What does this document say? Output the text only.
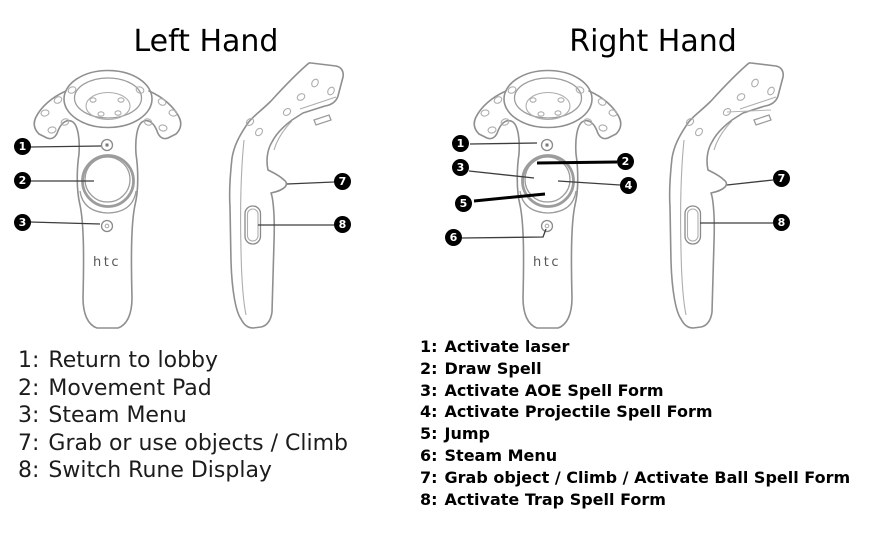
Left Hand	Right Hand
1
2
3
7
8
1
2
3
4
5
6
7
8
1: Return to lobby
2: Movement Pad
3: Steam Menu
7: Grab or use objects / Climb
8: Switch Rune Display
1: Activate laser
2: Draw Spell
3: Activate AOE Spell Form
4: Activate Projectile Spell Form
5: Jump
6: Steam Menu
7: Grab object / Climb / Activate Ball Spell Form
8: Activate Trap Spell Form
